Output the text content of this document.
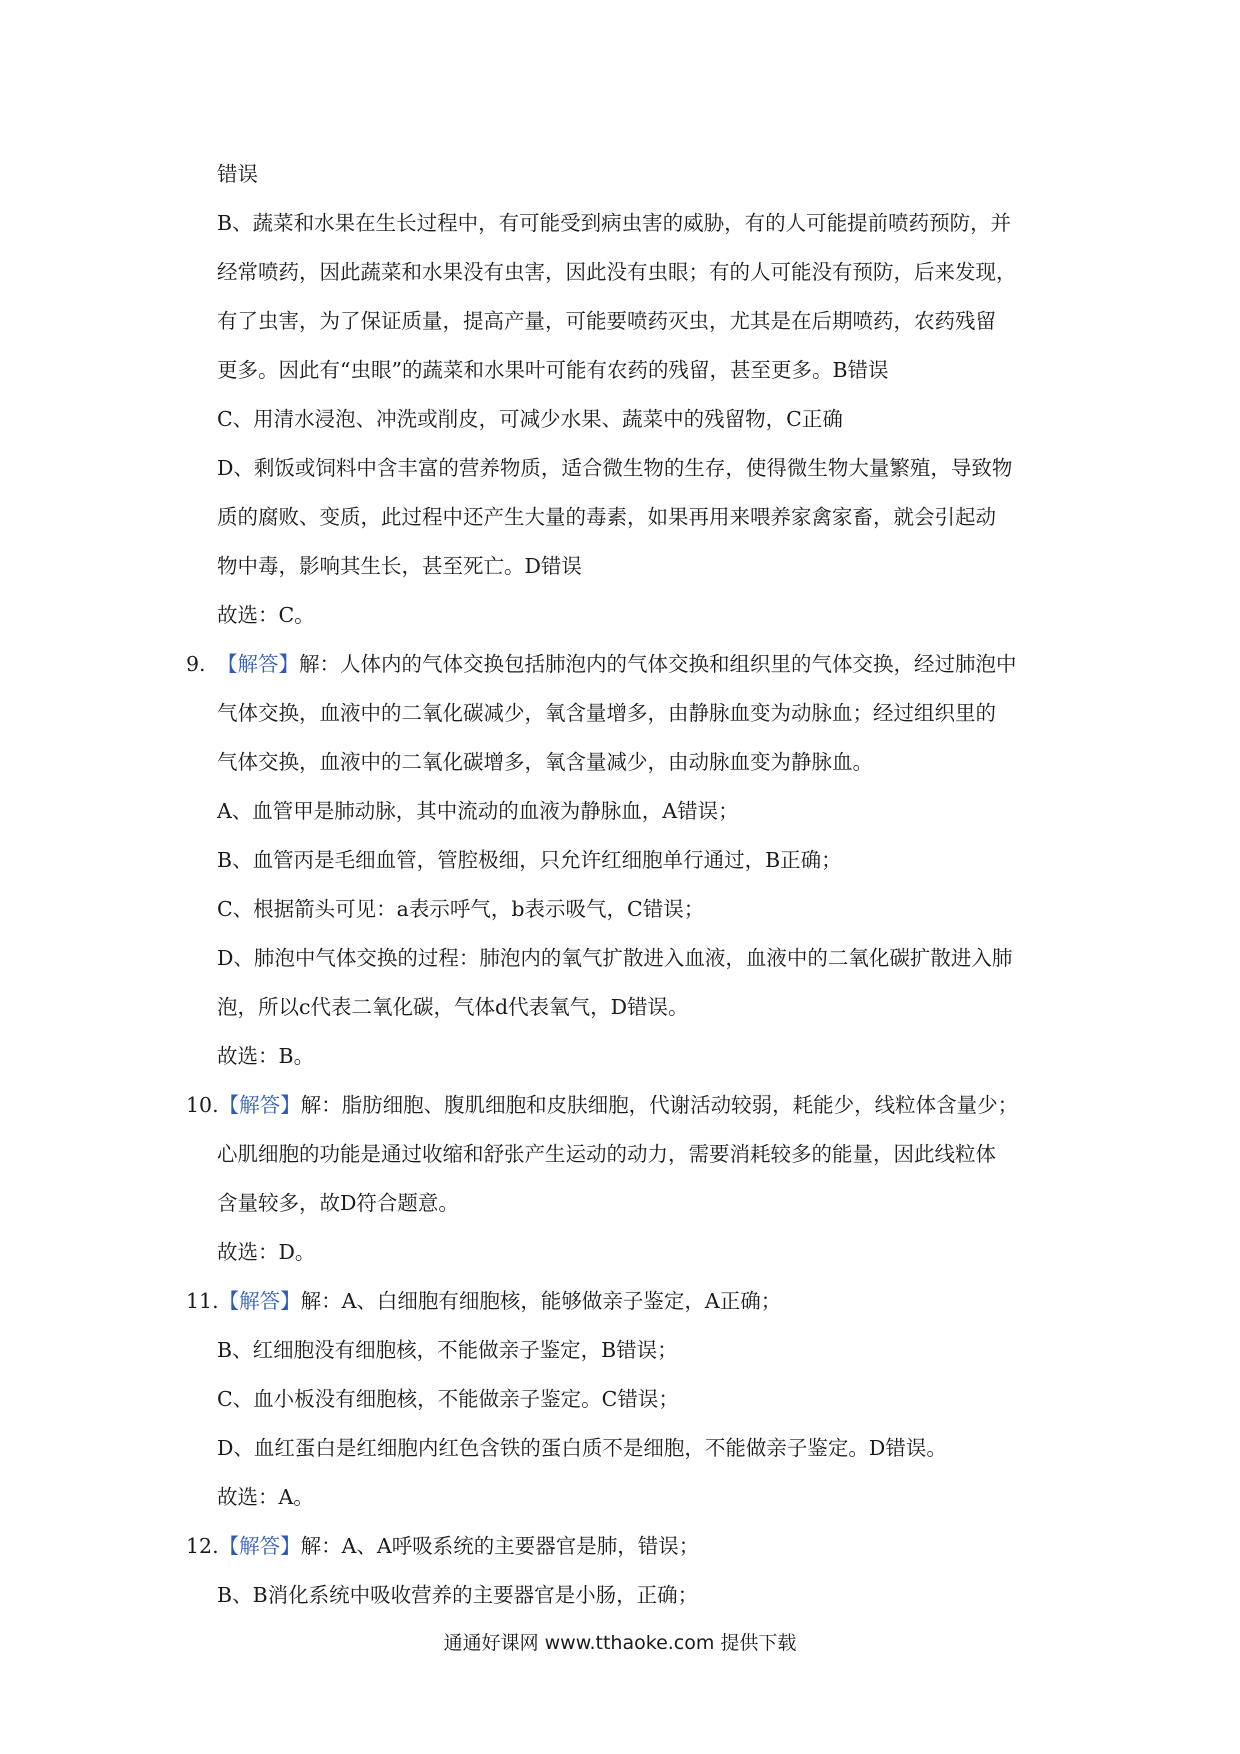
错误
B、蔬菜和水果在生长过程中，有可能受到病虫害的威胁，有的人可能提前喷药预防，并
经常喷药，因此蔬菜和水果没有虫害，因此没有虫眼；有的人可能没有预防，后来发现，
有了虫害，为了保证质量，提高产量，可能要喷药灭虫，尤其是在后期喷药，农药残留
更多。因此有“虫眼”的蔬菜和水果叶可能有农药的残留，甚至更多。B错误
C、用清水浸泡、冲洗或削皮，可减少水果、蔬菜中的残留物，C正确
D、剩饭或饲料中含丰富的营养物质，适合微生物的生存，使得微生物大量繁殖，导致物
质的腐败、变质，此过程中还产生大量的毒素，如果再用来喂养家禽家畜，就会引起动
物中毒，影响其生长，甚至死亡。D错误
故选：C。
9. 【解答】解：人体内的气体交换包括肺泡内的气体交换和组织里的气体交换，经过肺泡中
气体交换，血液中的二氧化碳减少，氧含量增多，由静脉血变为动脉血；经过组织里的
气体交换，血液中的二氧化碳增多，氧含量减少，由动脉血变为静脉血。
A、血管甲是肺动脉，其中流动的血液为静脉血，A错误；
B、血管丙是毛细血管，管腔极细，只允许红细胞单行通过，B正确；
C、根据箭头可见：a表示呼气，b表示吸气，C错误；
D、肺泡中气体交换的过程：肺泡内的氧气扩散进入血液，血液中的二氧化碳扩散进入肺
泡，所以c代表二氧化碳，气体d代表氧气，D错误。
故选：B。
10.【解答】解：脂肪细胞、腹肌细胞和皮肤细胞，代谢活动较弱，耗能少，线粒体含量少；
心肌细胞的功能是通过收缩和舒张产生运动的动力，需要消耗较多的能量，因此线粒体
含量较多，故D符合题意。
故选：D。
11.【解答】解：A、白细胞有细胞核，能够做亲子鉴定，A正确；
B、红细胞没有细胞核，不能做亲子鉴定，B错误；
C、血小板没有细胞核，不能做亲子鉴定。C错误；
D、血红蛋白是红细胞内红色含铁的蛋白质不是细胞，不能做亲子鉴定。D错误。
故选：A。
12.【解答】解：A、A呼吸系统的主要器官是肺，错误；
B、B消化系统中吸收营养的主要器官是小肠，正确；
通通好课网 www.tthaoke.com 提供下载
